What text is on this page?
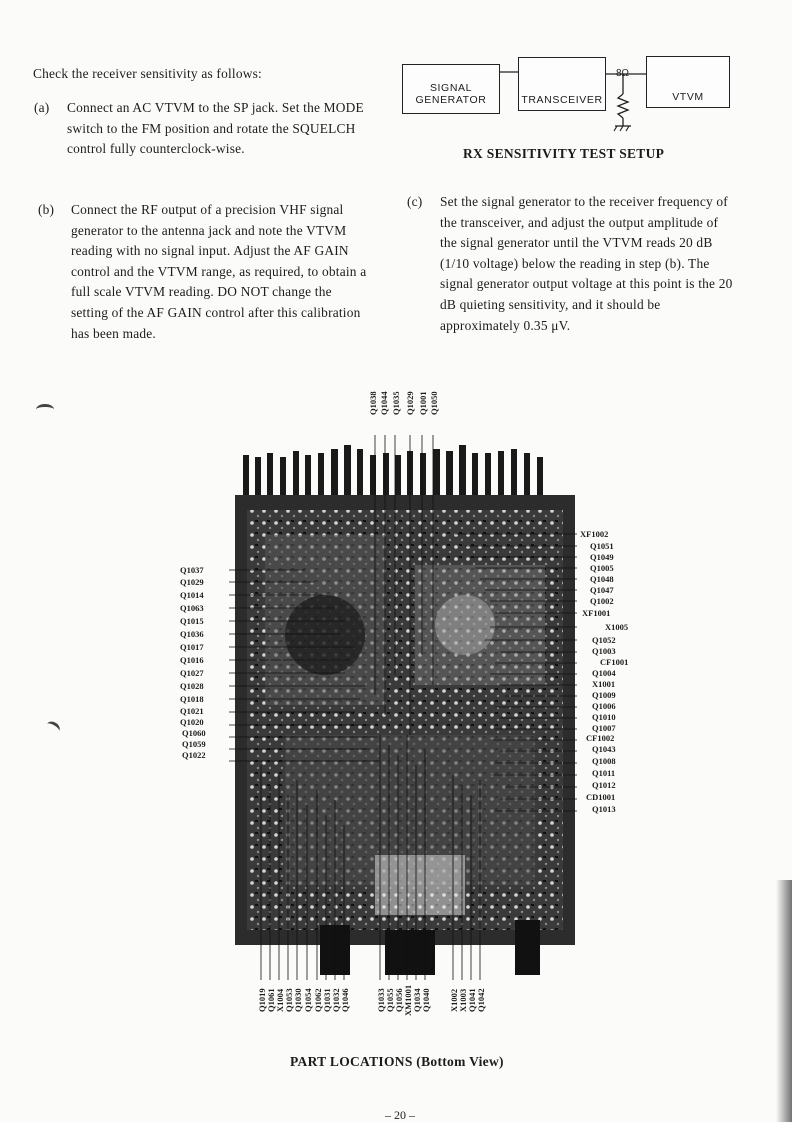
Check the receiver sensitivity as follows:
(a) Connect an AC VTVM to the SP jack. Set the MODE switch to the FM position and rotate the SQUELCH control fully counterclock-wise.
(b) Connect the RF output of a precision VHF signal generator to the antenna jack and note the VTVM reading with no signal input. Adjust the AF GAIN control and the VTVM range, as required, to obtain a full scale VTVM reading. DO NOT change the setting of the AF GAIN control after this calibration has been made.
SIGNAL
GENERATOR	TRANSCEIVER
8Ω
VTVM
RX SENSITIVITY TEST SETUP
(c) Set the signal generator to the receiver frequency of the transceiver, and adjust the output amplitude of the signal generator until the VTVM reads 20 dB (1/10 voltage) below the reading in step (b). The signal generator output voltage at this point is the 20 dB quieting sensitivity, and it should be approximately 0.35 μV.
Q1037
Q1029
Q1014
Q1063
Q1015
Q1036
Q1017
Q1016
Q1027
Q1028
Q1018
Q1021
Q1020
Q1060
Q1059
Q1022
XF1002
Q1051
Q1049
Q1005
Q1048
Q1047
Q1002
XF1001
X1005
Q1052
Q1003
CF1001
Q1004
X1001
Q1009
Q1006
Q1010
Q1007
CF1002
Q1043
Q1008
Q1011
Q1012
CD1001
Q1013
Q1038 Q1044 Q1035 Q1029 Q1001 Q1050
Q1019 Q1061 X1004 Q1053 Q1030 Q1054 Q1062 Q1031 Q1032 Q1046	Q1033 Q1055 Q1056 XM1001 Q1034 Q1040 X1002 X1003 Q1041 Q1042
PART LOCATIONS (Bottom View)
– 20 –
